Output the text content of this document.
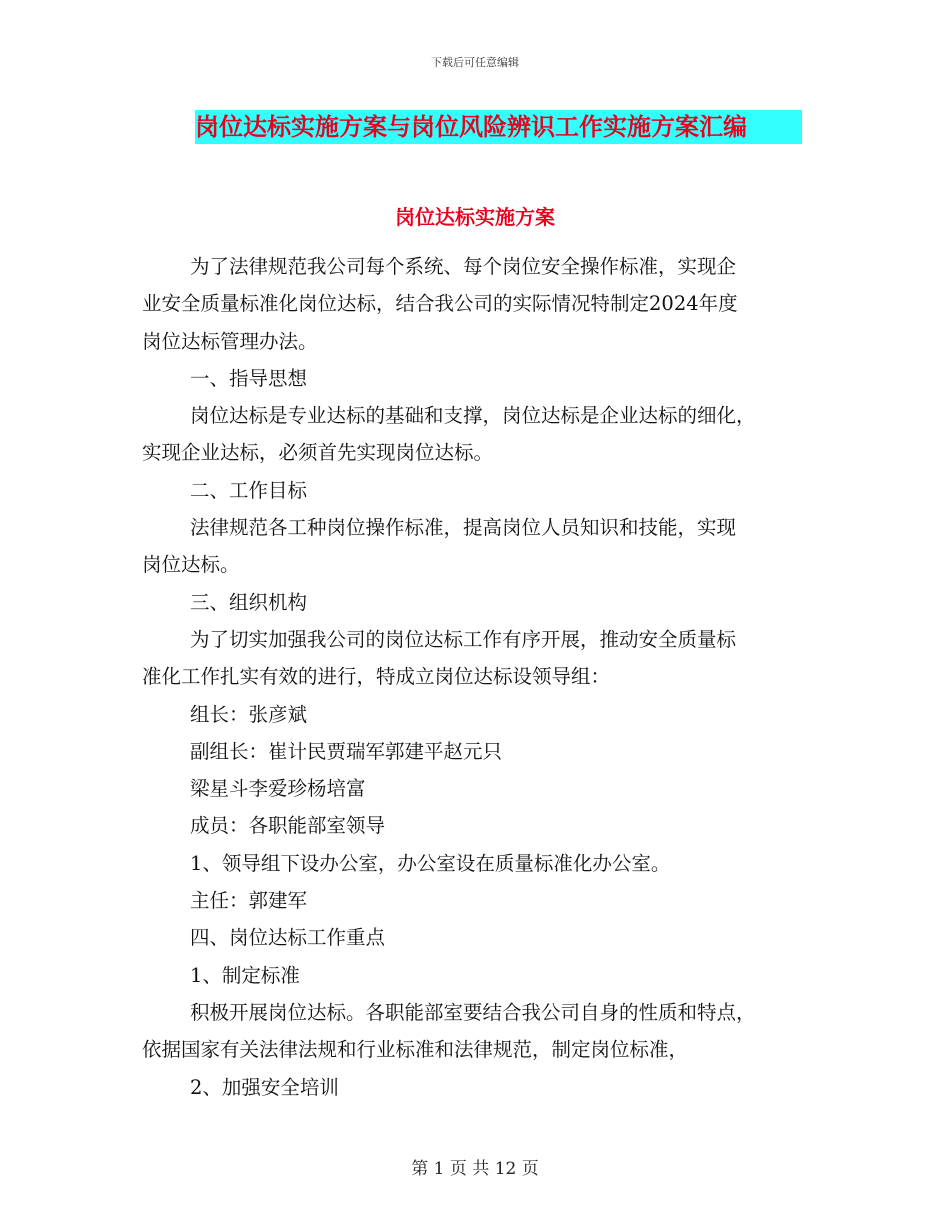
下载后可任意编辑
岗位达标实施方案与岗位风险辨识工作实施方案汇编
岗位达标实施方案

为了法律规范我公司每个系统、每个岗位安全操作标准，实现企

业安全质量标准化岗位达标，结合我公司的实际情况特制定2024年度

岗位达标管理办法。

一、指导思想

岗位达标是专业达标的基础和支撑，岗位达标是企业达标的细化，

实现企业达标，必须首先实现岗位达标。

二、工作目标

法律规范各工种岗位操作标准，提高岗位人员知识和技能，实现

岗位达标。

三、组织机构

为了切实加强我公司的岗位达标工作有序开展，推动安全质量标

准化工作扎实有效的进行，特成立岗位达标设领导组：

组长：张彦斌

副组长：崔计民贾瑞军郭建平赵元只

梁星斗李爱珍杨培富

成员：各职能部室领导

1、领导组下设办公室，办公室设在质量标准化办公室。

主任：郭建军

四、岗位达标工作重点

1、制定标准

积极开展岗位达标。各职能部室要结合我公司自身的性质和特点，

依据国家有关法律法规和行业标准和法律规范，制定岗位标准，

2、加强安全培训

第 1 页 共 12 页
